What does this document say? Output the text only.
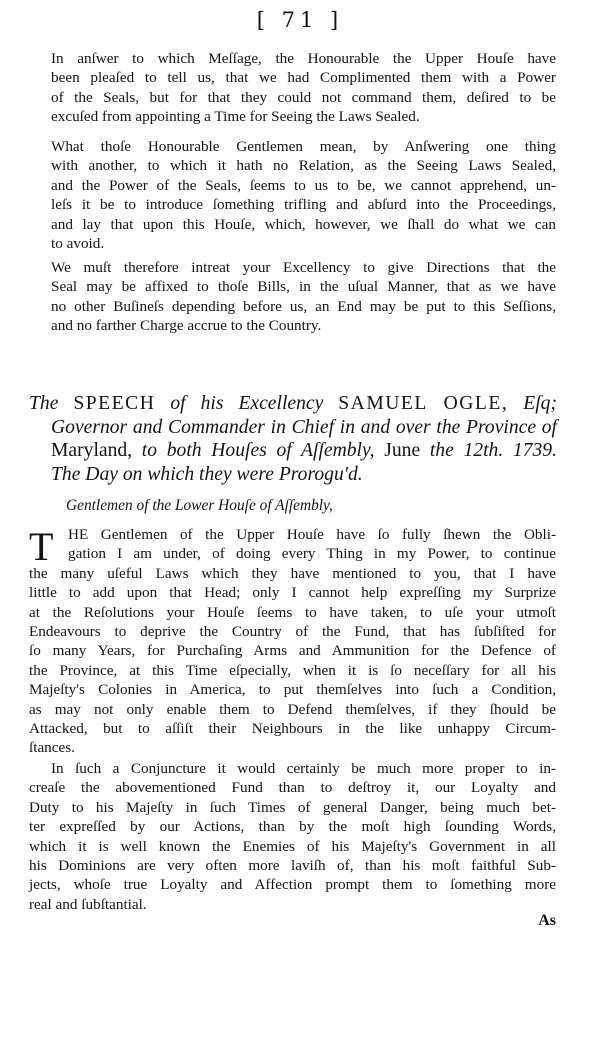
[ 71 ]
In anſwer to which Meſſage, the Honourable the Upper Houſe have
been pleaſed to tell us, that we had Complimented them with a Power
of the Seals, but for that they could not command them, deſired to be
excuſed from appointing a Time for Seeing the Laws Sealed.
What thoſe Honourable Gentlemen mean, by Anſwering one thing
with another, to which it hath no Relation, as the Seeing Laws Sealed,
and the Power of the Seals, ſeems to us to be, we cannot apprehend, un-
leſs it be to introduce ſomething trifling and abſurd into the Proceedings,
and lay that upon this Houſe, which, however, we ſhall do what we can
to avoid.
We muſt therefore intreat your Excellency to give Directions that the
Seal may be affixed to thoſe Bills, in the uſual Manner, that as we have
no other Buſineſs depending before us, an End may be put to this Seſſions,
and no farther Charge accrue to the Country.
The SPEECH of his Excellency SAMUEL OGLE, Eſq;
Governor and Commander in Chief in and over the Province of
Maryland, to both Houſes of Aſſembly, June the 12th. 1739.
The Day on which they were Prorogu'd.
Gentlemen of the Lower Houſe of Aſſembly,
T HE Gentlemen of the Upper Houſe have ſo fully ſhewn the Obli-
gation I am under, of doing every Thing in my Power, to continue
the many uſeful Laws which they have mentioned to you, that I have
little to add upon that Head; only I cannot help expreſſing my Surprize
at the Reſolutions your Houſe ſeems to have taken, to uſe your utmoſt
Endeavours to deprive the Country of the Fund, that has ſubſiſted for
ſo many Years, for Purchaſing Arms and Ammunition for the Defence of
the Province, at this Time eſpecially, when it is ſo neceſſary for all his
Majeſty's Colonies in America, to put themſelves into ſuch a Condition,
as may not only enable them to Defend themſelves, if they ſhould be
Attacked, but to aſſiſt their Neighbours in the like unhappy Circum-
ſtances.
In ſuch a Conjuncture it would certainly be much more proper to in-
creaſe the abovementioned Fund than to deſtroy it, our Loyalty and
Duty to his Majeſty in ſuch Times of general Danger, being much bet-
ter expreſſed by our Actions, than by the moſt high ſounding Words,
which it is well known the Enemies of his Majeſty's Government in all
his Dominions are very often more laviſh of, than his moſt faithful Sub-
jects, whoſe true Loyalty and Affection prompt them to ſomething more
real and ſubſtantial.
As
